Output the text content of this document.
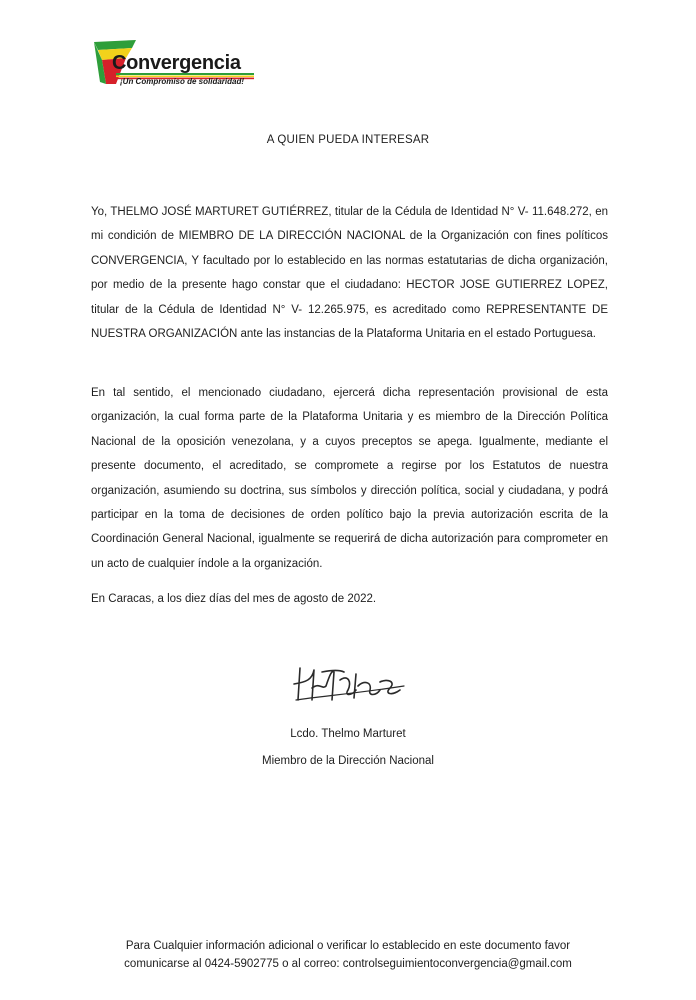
Convergencia
¡Un Compromiso de solidaridad!
A QUIEN PUEDA INTERESAR

Yo, THELMO JOSÉ MARTURET GUTIÉRREZ, titular de la Cédula de Identidad N° V- 11.648.272, en mi condición de MIEMBRO DE LA DIRECCIÓN NACIONAL de la Organización con fines políticos CONVERGENCIA, Y facultado por lo establecido en las normas estatutarias de dicha organización, por medio de la presente hago constar que el ciudadano: HECTOR JOSE GUTIERREZ LOPEZ, titular de la Cédula de Identidad N° V- 12.265.975, es acreditado como REPRESENTANTE DE NUESTRA ORGANIZACIÓN ante las instancias de la Plataforma Unitaria en el estado Portuguesa.

En tal sentido, el mencionado ciudadano, ejercerá dicha representación provisional de esta organización, la cual forma parte de la Plataforma Unitaria y es miembro de la Dirección Política Nacional de la oposición venezolana, y a cuyos preceptos se apega. Igualmente, mediante el presente documento, el acreditado, se compromete a regirse por los Estatutos de nuestra organización, asumiendo su doctrina, sus símbolos y dirección política, social y ciudadana, y podrá participar en la toma de decisiones de orden político bajo la previa autorización escrita de la Coordinación General Nacional, igualmente se requerirá de dicha autorización para comprometer en un acto de cualquier índole a la organización.

En Caracas, a los diez días del mes de agosto de 2022.

Lcdo. Thelmo Marturet
Miembro de la Dirección Nacional
Para Cualquier información adicional o verificar lo establecido en este documento favor
comunicarse al 0424-5902775 o al correo: controlseguimientoconvergencia@gmail.com
